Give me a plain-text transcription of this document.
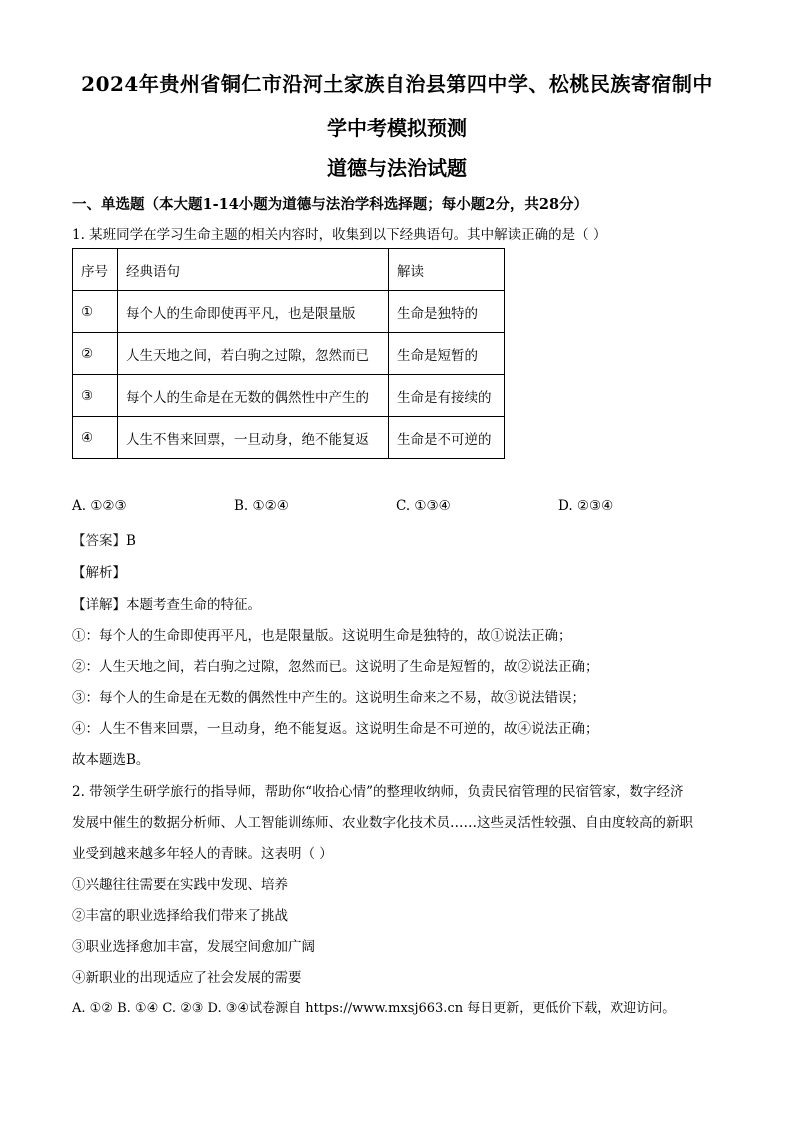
2024年贵州省铜仁市沿河土家族自治县第四中学、松桃民族寄宿制中
学中考模拟预测
道德与法治试题
一、单选题（本大题1-14小题为道德与法治学科选择题；每小题2分，共28分）
1. 某班同学在学习生命主题的相关内容时，收集到以下经典语句。其中解读正确的是（ ）
序号	经典语句	解读
①	每个人的生命即使再平凡，也是限量版	生命是独特的
②	人生天地之间，若白驹之过隙，忽然而已	生命是短暂的
③	每个人的生命是在无数的偶然性中产生的	生命是有接续的
④	人生不售来回票，一旦动身，绝不能复返	生命是不可逆的
A. ①②③	B. ①②④	C. ①③④	D. ②③④
【答案】B
【解析】
【详解】本题考查生命的特征。
①：每个人的生命即使再平凡，也是限量版。这说明生命是独特的，故①说法正确；
②：人生天地之间，若白驹之过隙，忽然而已。这说明了生命是短暂的，故②说法正确；
③：每个人的生命是在无数的偶然性中产生的。这说明生命来之不易，故③说法错误；
④：人生不售来回票，一旦动身，绝不能复返。这说明生命是不可逆的，故④说法正确；
故本题选B。
2. 带领学生研学旅行的指导师，帮助你“收拾心情”的整理收纳师，负责民宿管理的民宿管家，数字经济
发展中催生的数据分析师、人工智能训练师、农业数字化技术员……这些灵活性较强、自由度较高的新职
业受到越来越多年轻人的青睐。这表明（ ）
①兴趣往往需要在实践中发现、培养
②丰富的职业选择给我们带来了挑战
③职业选择愈加丰富，发展空间愈加广阔
④新职业的出现适应了社会发展的需要
A. ①② B. ①④ C. ②③ D. ③④试卷源自 https://www.mxsj663.cn 每日更新，更低价下载，欢迎访问。
